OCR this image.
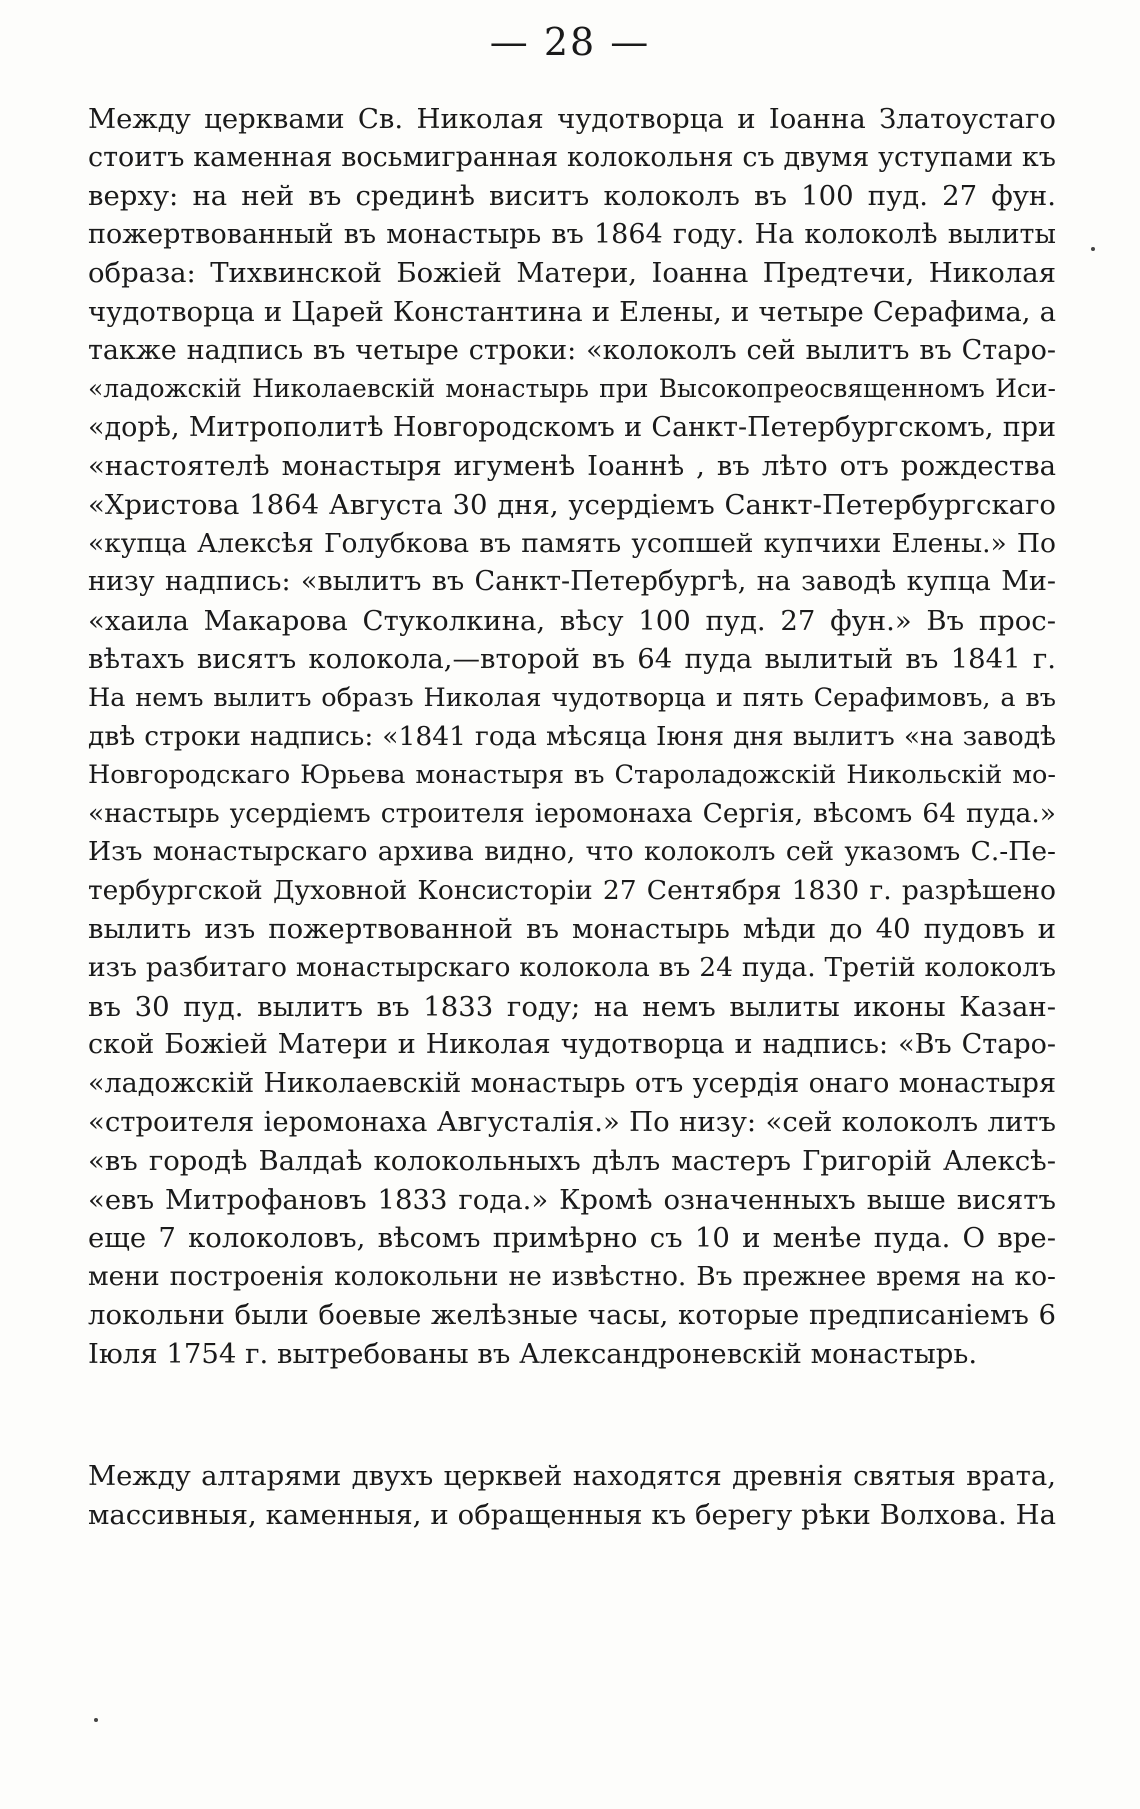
— 28 —
Между церквами Св. Николая чудотворца и Іоанна Златоустаго
стоитъ каменная восьмигранная колокольня съ двумя уступами къ
верху: на ней въ срединѣ виситъ колоколъ въ 100 пуд. 27 фун.
пожертвованный въ монастырь въ 1864 году. На колоколѣ вылиты
образа: Тихвинской Божіей Матери, Іоанна Предтечи, Николая
чудотворца и Царей Константина и Елены, и четыре Серафима, а
также надпись въ четыре строки: «колоколъ сей вылитъ въ Старо-
«ладожскій Николаевскій монастырь при Высокопреосвященномъ Иси-
«дорѣ, Митрополитѣ Новгородскомъ и Санкт-Петербургскомъ, при
«настоятелѣ монастыря игуменѣ Іоаннѣ , въ лѣто отъ рождества
«Христова 1864 Августа 30 дня, усердіемъ Санкт-Петербургскаго
«купца Алексѣя Голубкова въ память усопшей купчихи Елены.» По
низу надпись: «вылитъ въ Санкт-Петербургѣ, на заводѣ купца Ми-
«хаила Макарова Стуколкина, вѣсу 100 пуд. 27 фун.» Въ прос-
вѣтахъ висятъ колокола,—второй въ 64 пуда вылитый въ 1841 г.
На немъ вылитъ образъ Николая чудотворца и пять Серафимовъ, а въ
двѣ строки надпись: «1841 года мѣсяца Іюня дня вылитъ «на заводѣ
Новгородскаго Юрьева монастыря въ Староладожскій Никольскій мо-
«настырь усердіемъ строителя іеромонаха Сергія, вѣсомъ 64 пуда.»
Изъ монастырскаго архива видно, что колоколъ сей указомъ С.-Пе-
тербургской Духовной Консисторіи 27 Сентября 1830 г. разрѣшено
вылить изъ пожертвованной въ монастырь мѣди до 40 пудовъ и
изъ разбитаго монастырскаго колокола въ 24 пуда. Третій колоколъ
въ 30 пуд. вылитъ въ 1833 году; на немъ вылиты иконы Казан-
ской Божіей Матери и Николая чудотворца и надпись: «Въ Старо-
«ладожскій Николаевскій монастырь отъ усердія онаго монастыря
«строителя іеромонаха Августалія.» По низу: «сей колоколъ литъ
«въ городѣ Валдаѣ колокольныхъ дѣлъ мастеръ Григорій Алексѣ-
«евъ Митрофановъ 1833 года.» Кромѣ означенныхъ выше висятъ
еще 7 колоколовъ, вѣсомъ примѣрно съ 10 и менѣе пуда. О вре-
мени построенія колокольни не извѣстно. Въ прежнее время на ко-
локольни были боевые желѣзные часы, которые предписаніемъ 6
Іюля 1754 г. вытребованы въ Александроневскій монастырь.
Между алтарями двухъ церквей находятся древнія святыя врата,
массивныя, каменныя, и обращенныя къ берегу рѣки Волхова. На
